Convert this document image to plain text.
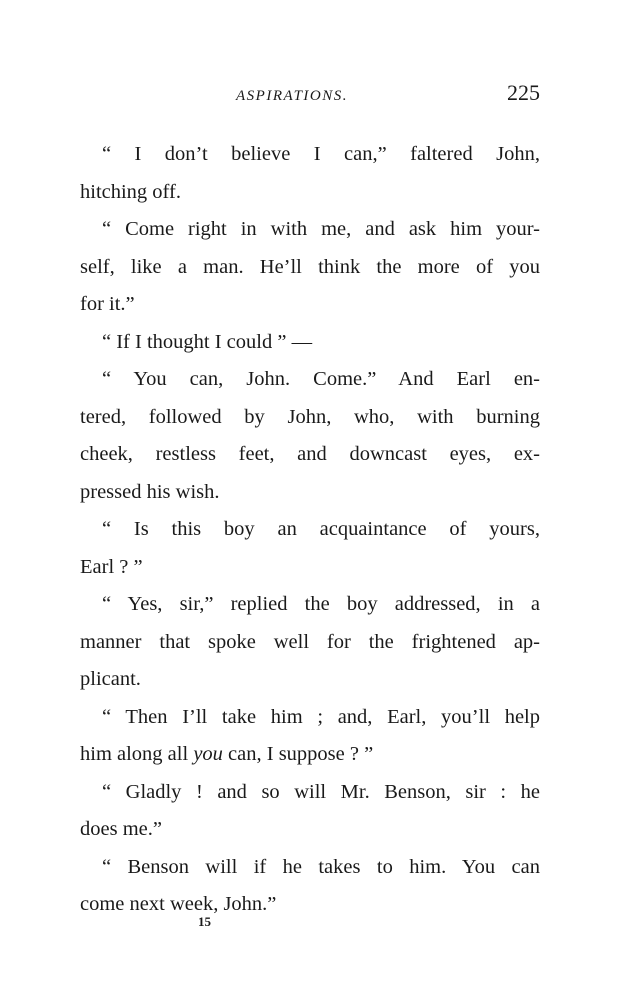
ASPIRATIONS.	225
“ I don’t believe I can,” faltered John,
hitching off.
“ Come right in with me, and ask him your-
self, like a man. He’ll think the more of you
for it.”
“ If I thought I could ” —
“ You can, John. Come.” And Earl en-
tered, followed by John, who, with burning
cheek, restless feet, and downcast eyes, ex-
pressed his wish.
“ Is this boy an acquaintance of yours,
Earl ? ”
“ Yes, sir,” replied the boy addressed, in a
manner that spoke well for the frightened ap-
plicant.
“ Then I’ll take him ; and, Earl, you’ll help
him along all you can, I suppose ? ”
“ Gladly ! and so will Mr. Benson, sir : he
does me.”
“ Benson will if he takes to him. You can
come next week, John.”
15
